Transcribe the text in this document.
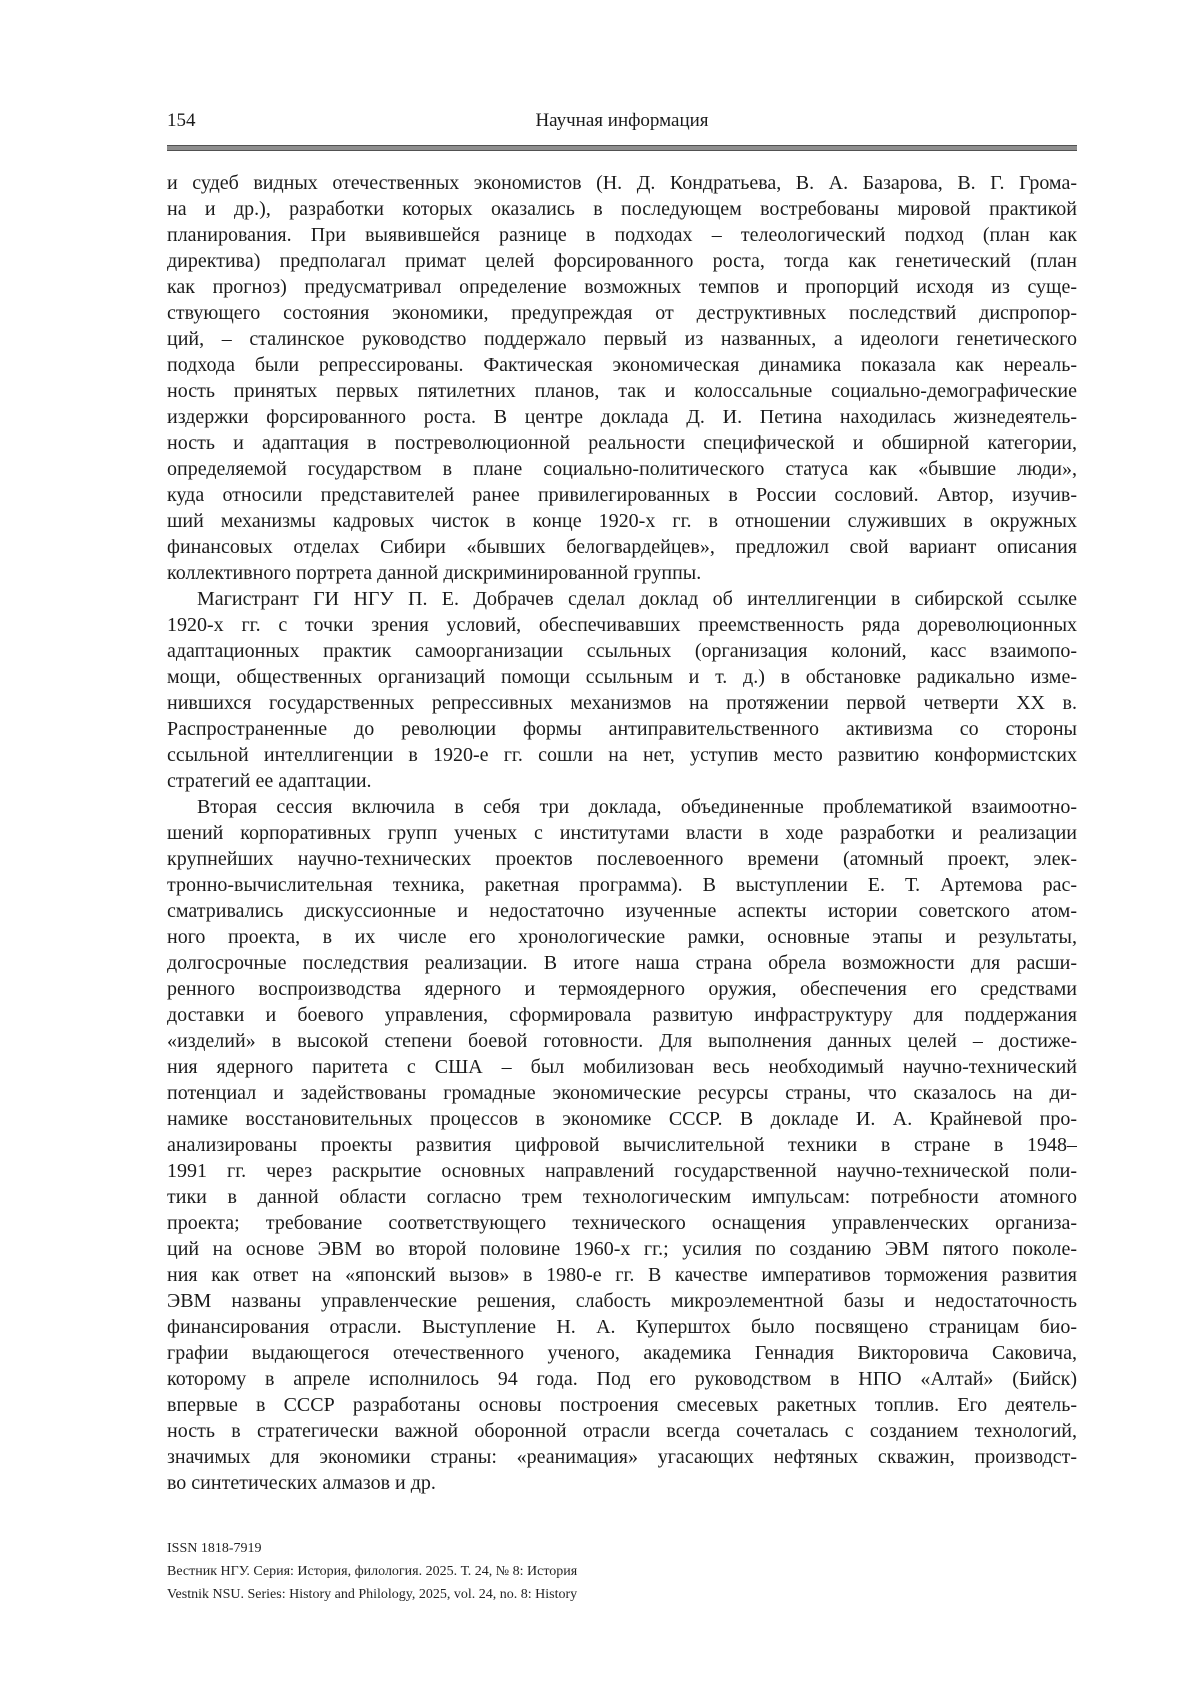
154	Научная информация
и судеб видных отечественных экономистов (Н. Д. Кондратьева, В. А. Базарова, В. Г. Грома-
на и др.), разработки которых оказались в последующем востребованы мировой практикой
планирования. При выявившейся разнице в подходах – телеологический подход (план как
директива) предполагал примат целей форсированного роста, тогда как генетический (план
как прогноз) предусматривал определение возможных темпов и пропорций исходя из суще-
ствующего состояния экономики, предупреждая от деструктивных последствий диспропор-
ций, – сталинское руководство поддержало первый из названных, а идеологи генетического
подхода были репрессированы. Фактическая экономическая динамика показала как нереаль-
ность принятых первых пятилетних планов, так и колоссальные социально-демографические
издержки форсированного роста. В центре доклада Д. И. Петина находилась жизнедеятель-
ность и адаптация в постреволюционной реальности специфической и обширной категории,
определяемой государством в плане социально-политического статуса как «бывшие люди»,
куда относили представителей ранее привилегированных в России сословий. Автор, изучив-
ший механизмы кадровых чисток в конце 1920-х гг. в отношении служивших в окружных
финансовых отделах Сибири «бывших белогвардейцев», предложил свой вариант описания
коллективного портрета данной дискриминированной группы.
Магистрант ГИ НГУ П. Е. Добрачев сделал доклад об интеллигенции в сибирской ссылке
1920-х гг. с точки зрения условий, обеспечивавших преемственность ряда дореволюционных
адаптационных практик самоорганизации ссыльных (организация колоний, касс взаимопо-
мощи, общественных организаций помощи ссыльным и т. д.) в обстановке радикально изме-
нившихся государственных репрессивных механизмов на протяжении первой четверти XX в.
Распространенные до революции формы антиправительственного активизма со стороны
ссыльной интеллигенции в 1920-е гг. сошли на нет, уступив место развитию конформистских
стратегий ее адаптации.
Вторая сессия включила в себя три доклада, объединенные проблематикой взаимоотно-
шений корпоративных групп ученых с институтами власти в ходе разработки и реализации
крупнейших научно-технических проектов послевоенного времени (атомный проект, элек-
тронно-вычислительная техника, ракетная программа). В выступлении Е. Т. Артемова рас-
сматривались дискуссионные и недостаточно изученные аспекты истории советского атом-
ного проекта, в их числе его хронологические рамки, основные этапы и результаты,
долгосрочные последствия реализации. В итоге наша страна обрела возможности для расши-
ренного воспроизводства ядерного и термоядерного оружия, обеспечения его средствами
доставки и боевого управления, сформировала развитую инфраструктуру для поддержания
«изделий» в высокой степени боевой готовности. Для выполнения данных целей – достиже-
ния ядерного паритета с США – был мобилизован весь необходимый научно-технический
потенциал и задействованы громадные экономические ресурсы страны, что сказалось на ди-
намике восстановительных процессов в экономике СССР. В докладе И. А. Крайневой про-
анализированы проекты развития цифровой вычислительной техники в стране в 1948–
1991 гг. через раскрытие основных направлений государственной научно-технической поли-
тики в данной области согласно трем технологическим импульсам: потребности атомного
проекта; требование соответствующего технического оснащения управленческих организа-
ций на основе ЭВМ во второй половине 1960-х гг.; усилия по созданию ЭВМ пятого поколе-
ния как ответ на «японский вызов» в 1980-е гг. В качестве императивов торможения развития
ЭВМ названы управленческие решения, слабость микроэлементной базы и недостаточность
финансирования отрасли. Выступление Н. А. Куперштох было посвящено страницам био-
графии выдающегося отечественного ученого, академика Геннадия Викторовича Саковича,
которому в апреле исполнилось 94 года. Под его руководством в НПО «Алтай» (Бийск)
впервые в СССР разработаны основы построения смесевых ракетных топлив. Его деятель-
ность в стратегически важной оборонной отрасли всегда сочеталась с созданием технологий,
значимых для экономики страны: «реанимация» угасающих нефтяных скважин, производст-
во синтетических алмазов и др.
ISSN 1818-7919
Вестник НГУ. Серия: История, филология. 2025. Т. 24, № 8: История
Vestnik NSU. Series: History and Philology, 2025, vol. 24, no. 8: History
